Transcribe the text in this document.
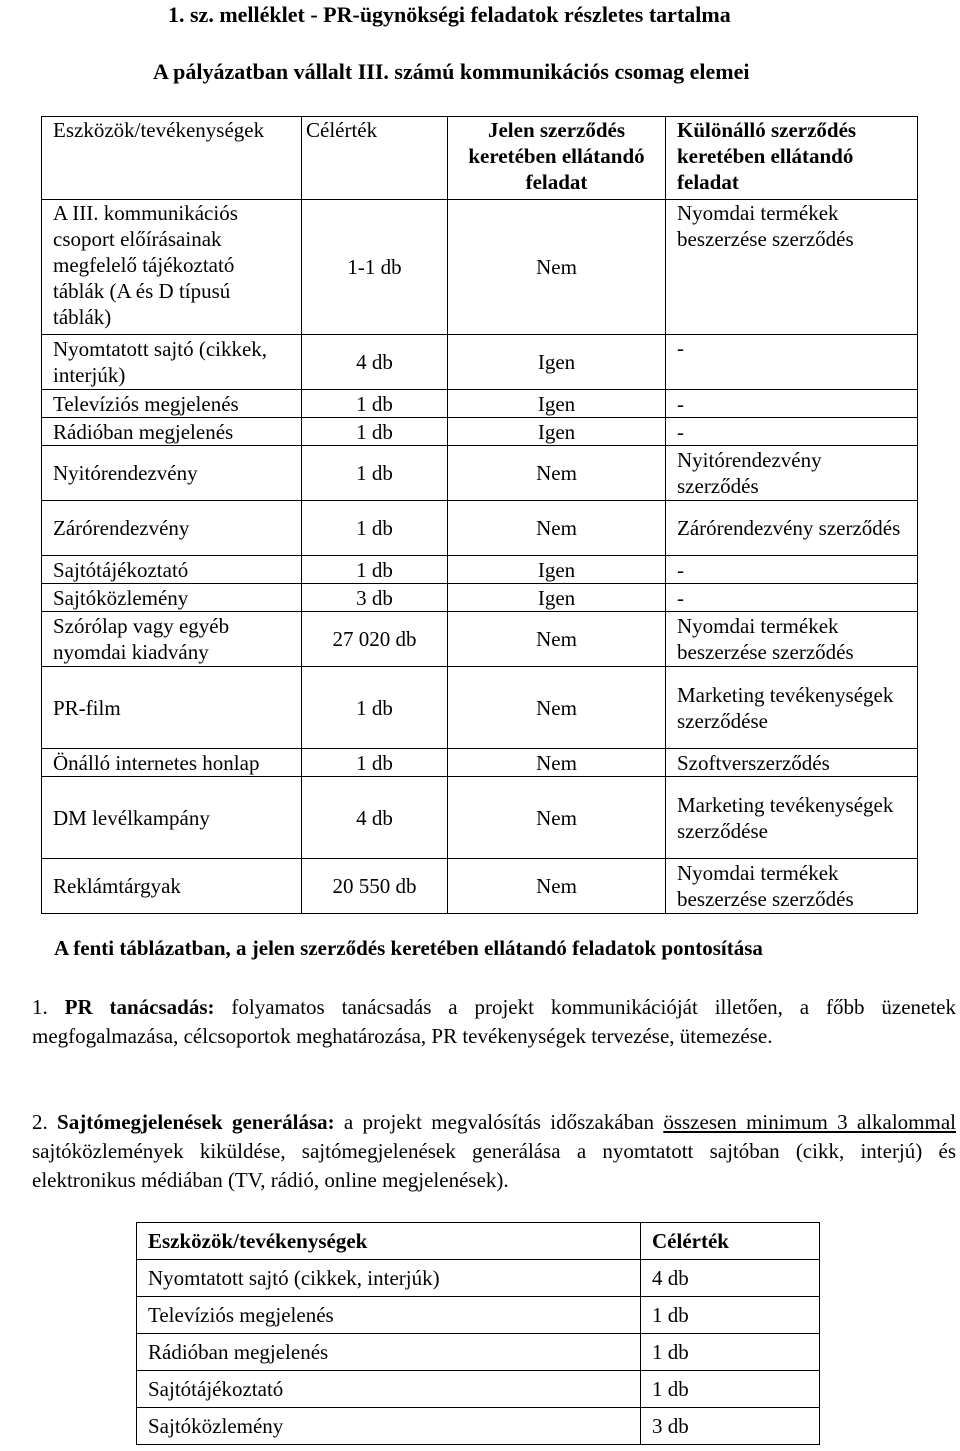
1. sz. melléklet - PR-ügynökségi feladatok részletes tartalma
A pályázatban vállalt III. számú kommunikációs csomag elemei
Eszközök/tevékenységek	Célérték	Jelen szerződés keretében ellátandó feladat	Különálló szerződés keretében ellátandó feladat
A III. kommunikációs csoport előírásainak megfelelő tájékoztató táblák (A és D típusú táblák)	1-1 db	Nem	Nyomdai termékek beszerzése szerződés
Nyomtatott sajtó (cikkek, interjúk)	4 db	Igen	-
Televíziós megjelenés	1 db	Igen	-
Rádióban megjelenés	1 db	Igen	-
Nyitórendezvény	1 db	Nem	Nyitórendezvény szerződés
Zárórendezvény	1 db	Nem	Zárórendezvény szerződés
Sajtótájékoztató	1 db	Igen	-
Sajtóközlemény	3 db	Igen	-
Szórólap vagy egyéb nyomdai kiadvány	27 020 db	Nem	Nyomdai termékek beszerzése szerződés
PR-film	1 db	Nem	Marketing tevékenységek szerződése
Önálló internetes honlap	1 db	Nem	Szoftverszerződés
DM levélkampány	4 db	Nem	Marketing tevékenységek szerződése
Reklámtárgyak	20 550 db	Nem	Nyomdai termékek beszerzése szerződés
A fenti táblázatban, a jelen szerződés keretében ellátandó feladatok pontosítása
1. PR tanácsadás: folyamatos tanácsadás a projekt kommunikációját illetően, a főbb üzenetek megfogalmazása, célcsoportok meghatározása, PR tevékenységek tervezése, ütemezése.
2. Sajtómegjelenések generálása: a projekt megvalósítás időszakában összesen minimum 3 alkalommal sajtóközlemények kiküldése, sajtómegjelenések generálása a nyomtatott sajtóban (cikk, interjú) és elektronikus médiában (TV, rádió, online megjelenések).
Eszközök/tevékenységek	Célérték
Nyomtatott sajtó (cikkek, interjúk)	4 db
Televíziós megjelenés	1 db
Rádióban megjelenés	1 db
Sajtótájékoztató	1 db
Sajtóközlemény	3 db
